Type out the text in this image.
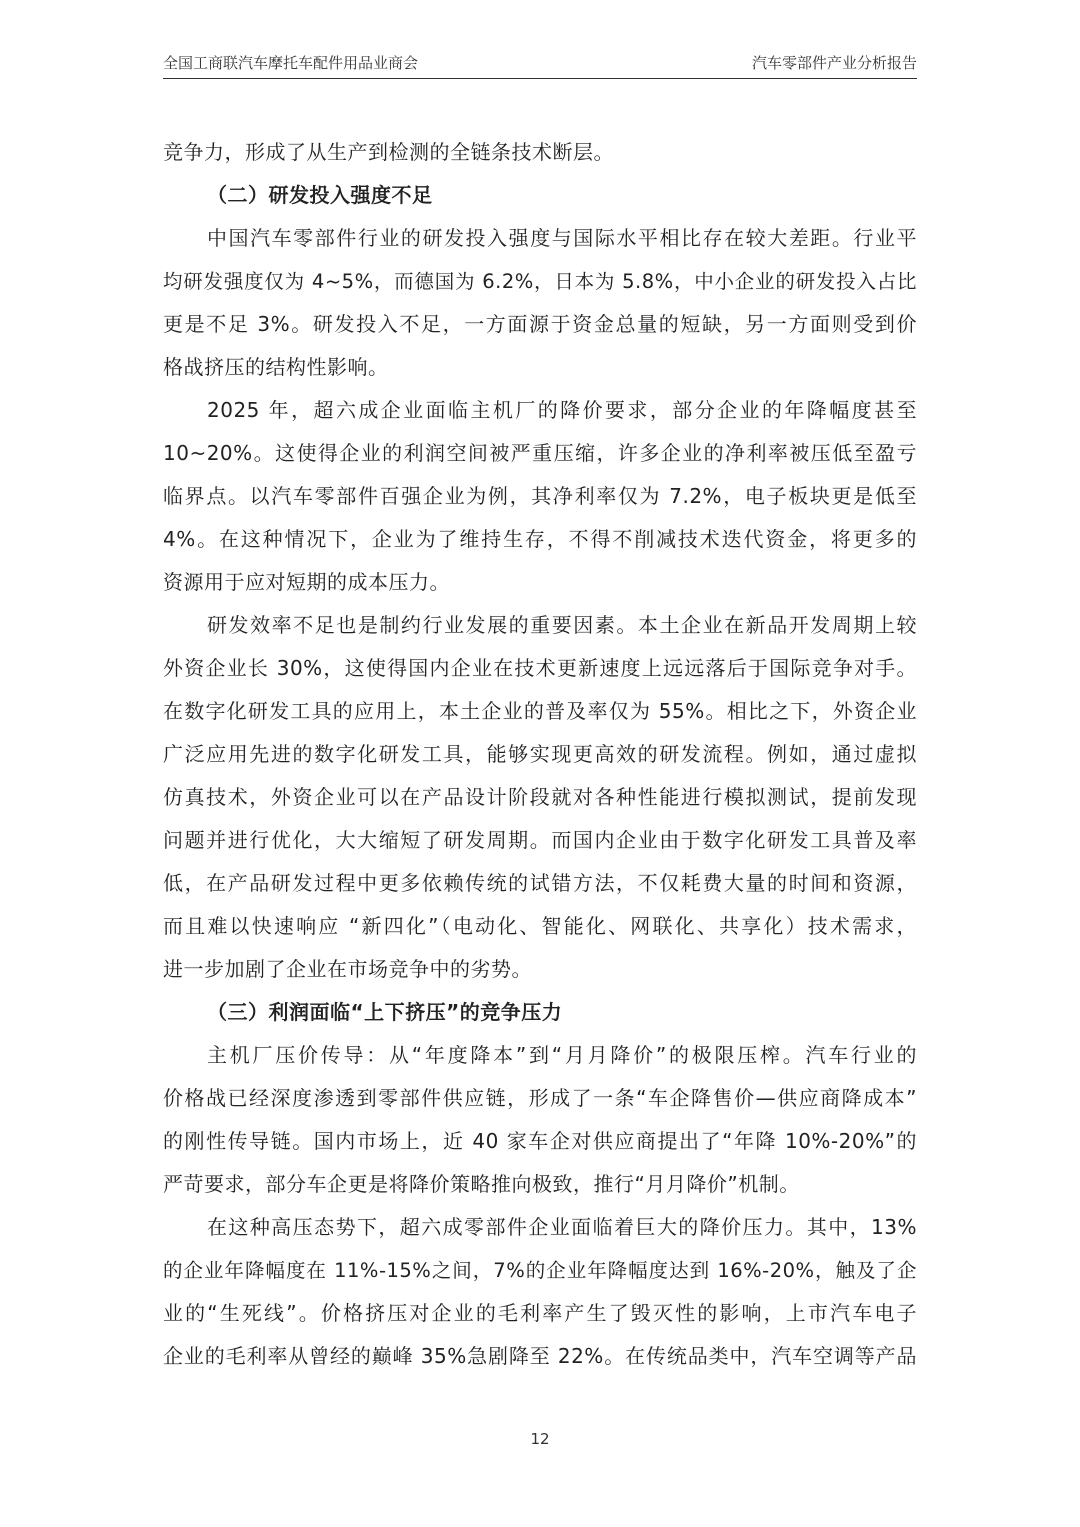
全国工商联汽车摩托车配件用品业商会	汽车零部件产业分析报告
竞争力，形成了从生产到检测的全链条技术断层。
（二）研发投入强度不足
中国汽车零部件行业的研发投入强度与国际水平相比存在较大差距。行业平
均研发强度仅为 4~5%，而德国为 6.2%，日本为 5.8%，中小企业的研发投入占比
更是不足 3%。研发投入不足，一方面源于资金总量的短缺，另一方面则受到价
格战挤压的结构性影响。
2025 年，超六成企业面临主机厂的降价要求，部分企业的年降幅度甚至
10~20%。这使得企业的利润空间被严重压缩，许多企业的净利率被压低至盈亏
临界点。以汽车零部件百强企业为例，其净利率仅为 7.2%，电子板块更是低至
4%。在这种情况下，企业为了维持生存，不得不削减技术迭代资金，将更多的
资源用于应对短期的成本压力。
研发效率不足也是制约行业发展的重要因素。本土企业在新品开发周期上较
外资企业长 30%，这使得国内企业在技术更新速度上远远落后于国际竞争对手。
在数字化研发工具的应用上，本土企业的普及率仅为 55%。相比之下，外资企业
广泛应用先进的数字化研发工具，能够实现更高效的研发流程。例如，通过虚拟
仿真技术，外资企业可以在产品设计阶段就对各种性能进行模拟测试，提前发现
问题并进行优化，大大缩短了研发周期。而国内企业由于数字化研发工具普及率
低，在产品研发过程中更多依赖传统的试错方法，不仅耗费大量的时间和资源，
而且难以快速响应 “新四化”（电动化、智能化、网联化、共享化）技术需求，
进一步加剧了企业在市场竞争中的劣势。
（三）利润面临“上下挤压”的竞争压力
主机厂压价传导：从“年度降本”到“月月降价”的极限压榨。汽车行业的
价格战已经深度渗透到零部件供应链，形成了一条“车企降售价—供应商降成本”
的刚性传导链。国内市场上，近 40 家车企对供应商提出了“年降 10%-20%”的
严苛要求，部分车企更是将降价策略推向极致，推行“月月降价”机制。
在这种高压态势下，超六成零部件企业面临着巨大的降价压力。其中，13%
的企业年降幅度在 11%-15%之间，7%的企业年降幅度达到 16%-20%，触及了企
业的“生死线”。价格挤压对企业的毛利率产生了毁灭性的影响，上市汽车电子
企业的毛利率从曾经的巅峰 35%急剧降至 22%。在传统品类中，汽车空调等产品
12
